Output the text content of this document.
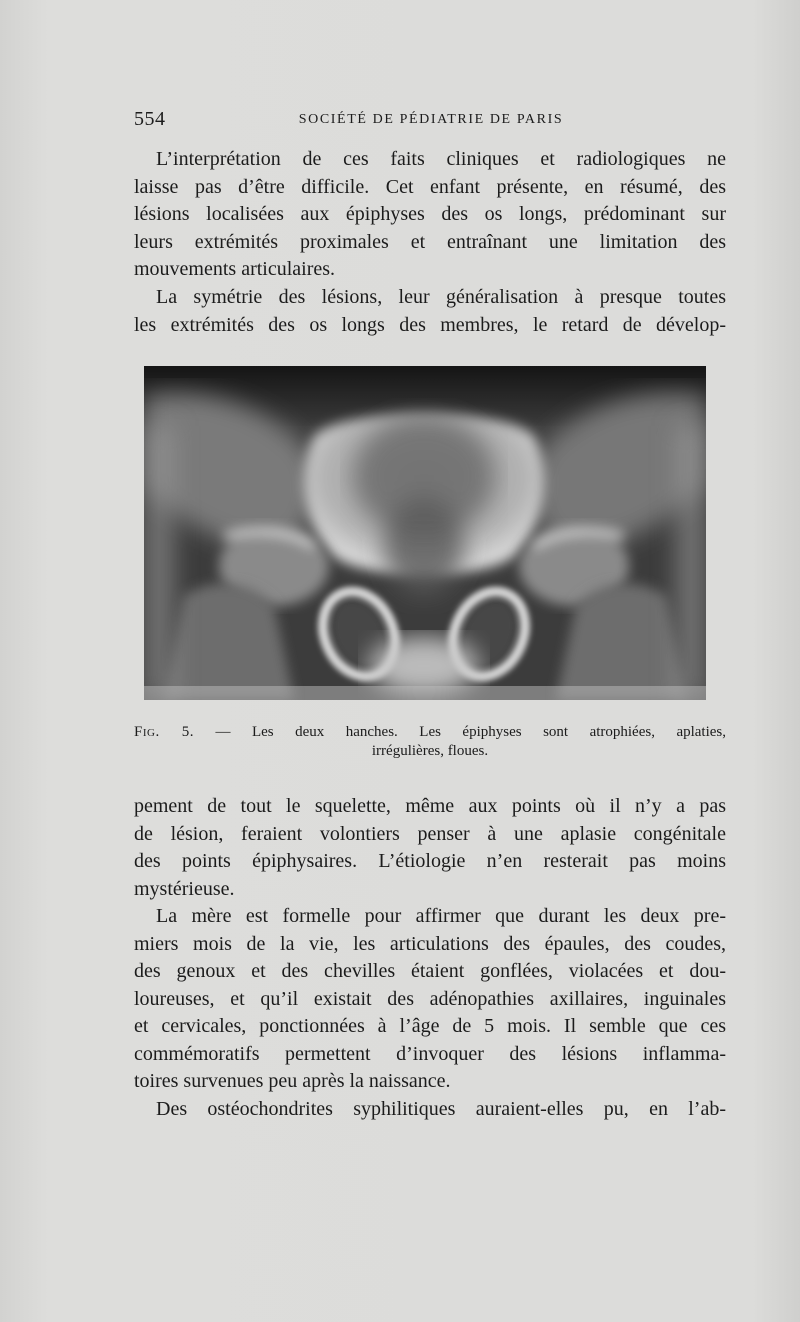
554	SOCIÉTÉ DE PÉDIATRIE DE PARIS

L’interprétation de ces faits cliniques et radiologiques ne
laisse pas d’être difficile. Cet enfant présente, en résumé, des
lésions localisées aux épiphyses des os longs, prédominant sur
leurs extrémités proximales et entraînant une limitation des
mouvements articulaires.

La symétrie des lésions, leur généralisation à presque toutes
les extrémités des os longs des membres, le retard de dévelop-

Fig. 5. — Les deux hanches. Les épiphyses sont atrophiées, aplaties,
irrégulières, floues.

pement de tout le squelette, même aux points où il n’y a pas
de lésion, feraient volontiers penser à une aplasie congénitale
des points épiphysaires. L’étiologie n’en resterait pas moins
mystérieuse.

La mère est formelle pour affirmer que durant les deux pre-
miers mois de la vie, les articulations des épaules, des coudes,
des genoux et des chevilles étaient gonflées, violacées et dou-
loureuses, et qu’il existait des adénopathies axillaires, inguinales
et cervicales, ponctionnées à l’âge de 5 mois. Il semble que ces
commémoratifs permettent d’invoquer des lésions inflamma-
toires survenues peu après la naissance.

Des ostéochondrites syphilitiques auraient-elles pu, en l’ab-
